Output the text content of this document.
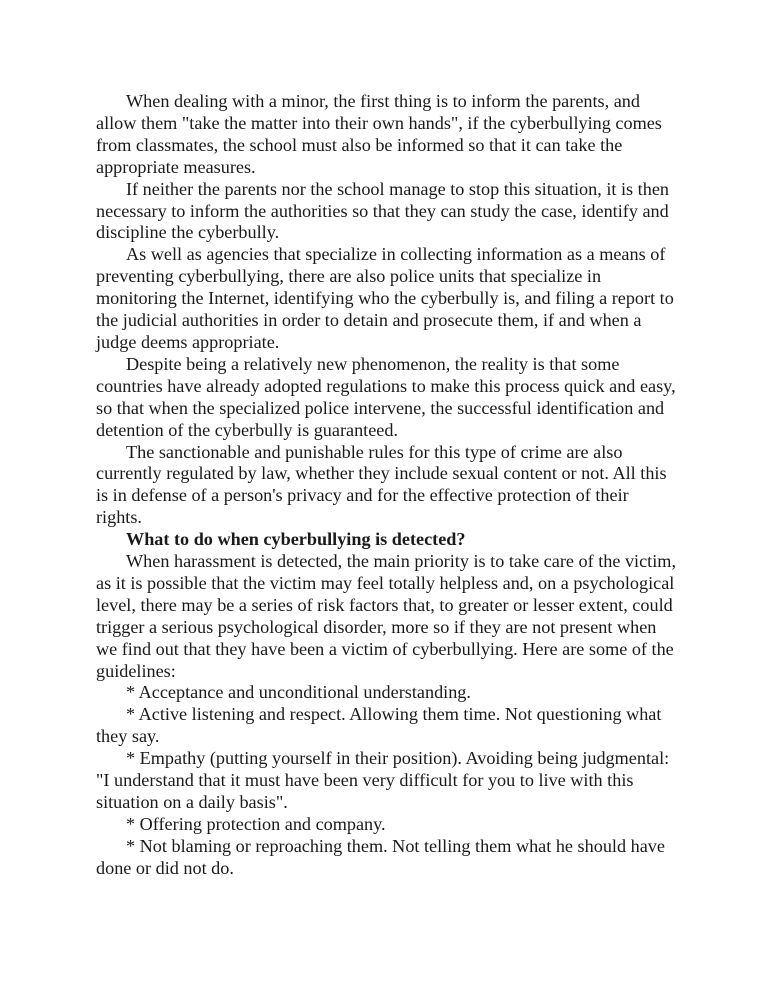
When dealing with a minor, the first thing is to inform the parents, and allow them "take the matter into their own hands", if the cyberbullying comes from classmates, the school must also be informed so that it can take the appropriate measures.

If neither the parents nor the school manage to stop this situation, it is then necessary to inform the authorities so that they can study the case, identify and discipline the cyberbully.

As well as agencies that specialize in collecting information as a means of preventing cyberbullying, there are also police units that specialize in monitoring the Internet, identifying who the cyberbully is, and filing a report to the judicial authorities in order to detain and prosecute them, if and when a judge deems appropriate.

Despite being a relatively new phenomenon, the reality is that some countries have already adopted regulations to make this process quick and easy, so that when the specialized police intervene, the successful identification and detention of the cyberbully is guaranteed.

The sanctionable and punishable rules for this type of crime are also currently regulated by law, whether they include sexual content or not. All this is in defense of a person's privacy and for the effective protection of their rights.

What to do when cyberbullying is detected?

When harassment is detected, the main priority is to take care of the victim, as it is possible that the victim may feel totally helpless and, on a psychological level, there may be a series of risk factors that, to greater or lesser extent, could trigger a serious psychological disorder, more so if they are not present when we find out that they have been a victim of cyberbullying. Here are some of the guidelines:

* Acceptance and unconditional understanding.

* Active listening and respect. Allowing them time. Not questioning what they say.

* Empathy (putting yourself in their position). Avoiding being judgmental: "I understand that it must have been very difficult for you to live with this situation on a daily basis".

* Offering protection and company.

* Not blaming or reproaching them. Not telling them what he should have done or did not do.
